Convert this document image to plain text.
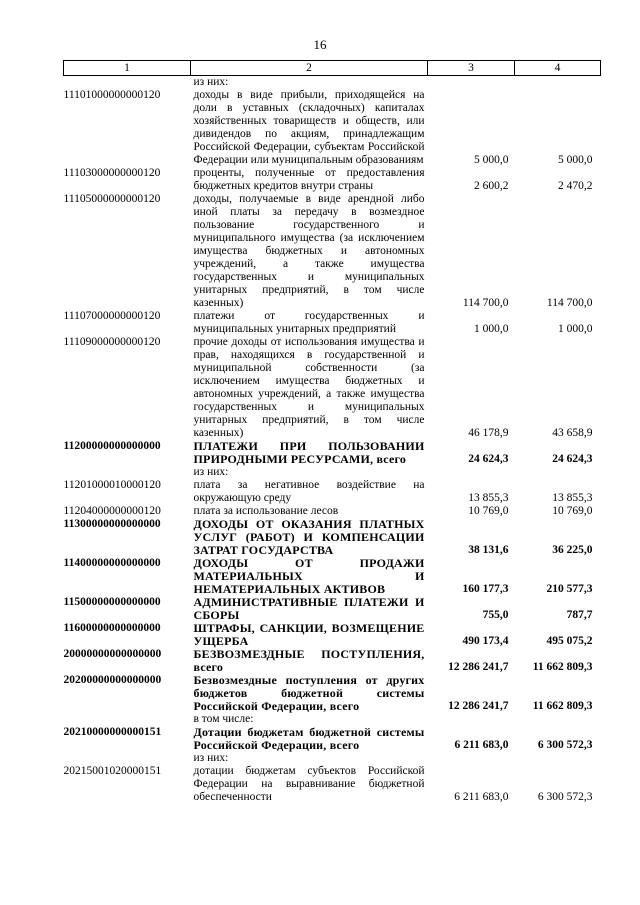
16
1	2	3	4
	из них:		
11101000000000120	доходы в виде прибыли, приходящейся на доли в уставных (складочных) капиталах хозяйственных товариществ и обществ, или дивидендов по акциям, принадлежащим Российской Федерации, субъектам Российской Федерации или муниципальным образованиям	5 000,0	5 000,0
11103000000000120	проценты, полученные от предоставления бюджетных кредитов внутри страны	2 600,2	2 470,2
11105000000000120	доходы, получаемые в виде арендной либо иной платы за передачу в возмездное пользование государственного и муниципального имущества (за исключением имущества бюджетных и автономных учреждений, а также имущества государственных и муниципальных унитарных предприятий, в том числе казенных)	114 700,0	114 700,0
11107000000000120	платежи от государственных и муниципальных унитарных предприятий	1 000,0	1 000,0
11109000000000120	прочие доходы от использования имущества и прав, находящихся в государственной и муниципальной собственности (за исключением имущества бюджетных и автономных учреждений, а также имущества государственных и муниципальных унитарных предприятий, в том числе казенных)	46 178,9	43 658,9
11200000000000000	ПЛАТЕЖИ ПРИ ПОЛЬЗОВАНИИ ПРИРОДНЫМИ РЕСУРСАМИ, всего	24 624,3	24 624,3
	из них:		
11201000010000120	плата за негативное воздействие на окружающую среду	13 855,3	13 855,3
11204000000000120	плата за использование лесов	10 769,0	10 769,0
11300000000000000	ДОХОДЫ ОТ ОКАЗАНИЯ ПЛАТНЫХ УСЛУГ (РАБОТ) И КОМПЕНСАЦИИ ЗАТРАТ ГОСУДАРСТВА	38 131,6	36 225,0
11400000000000000	ДОХОДЫ ОТ ПРОДАЖИ МАТЕРИАЛЬНЫХ И НЕМАТЕРИАЛЬНЫХ АКТИВОВ	160 177,3	210 577,3
11500000000000000	АДМИНИСТРАТИВНЫЕ ПЛАТЕЖИ И СБОРЫ	755,0	787,7
11600000000000000	ШТРАФЫ, САНКЦИИ, ВОЗМЕЩЕНИЕ УЩЕРБА	490 173,4	495 075,2
20000000000000000	БЕЗВОЗМЕЗДНЫЕ ПОСТУПЛЕНИЯ, всего	12 286 241,7	11 662 809,3
20200000000000000	Безвозмездные поступления от других бюджетов бюджетной системы Российской Федерации, всего	12 286 241,7	11 662 809,3
	в том числе:		
20210000000000151	Дотации бюджетам бюджетной системы Российской Федерации, всего	6 211 683,0	6 300 572,3
	из них:		
20215001020000151	дотации бюджетам субъектов Российской Федерации на выравнивание бюджетной обеспеченности	6 211 683,0	6 300 572,3
